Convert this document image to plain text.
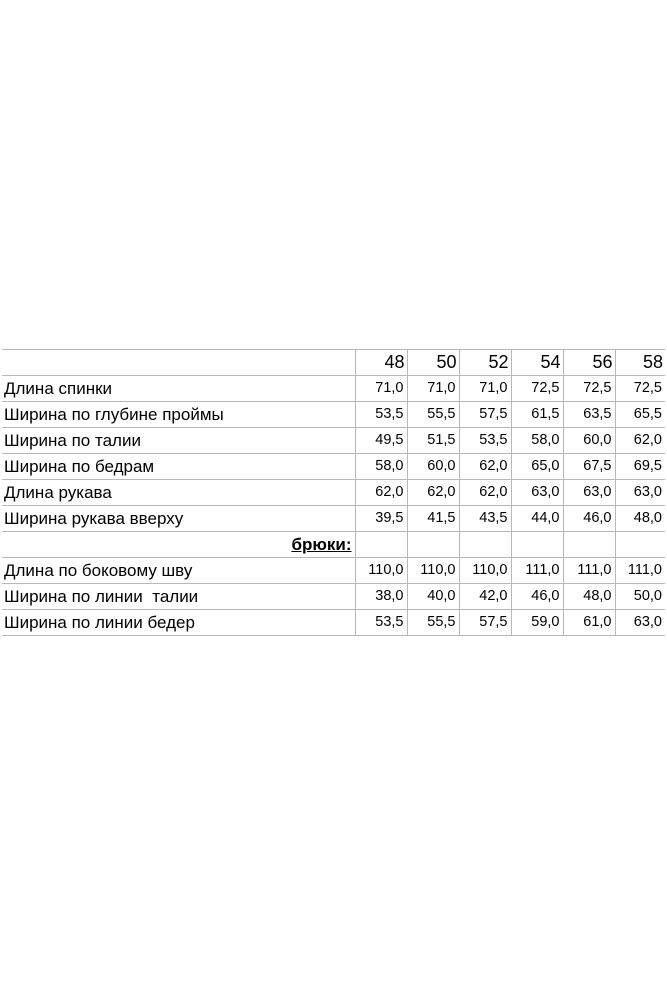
	48	50	52	54	56	58
Длина спинки	71,0	71,0	71,0	72,5	72,5	72,5
Ширина по глубине проймы	53,5	55,5	57,5	61,5	63,5	65,5
Ширина по талии	49,5	51,5	53,5	58,0	60,0	62,0
Ширина по бедрам	58,0	60,0	62,0	65,0	67,5	69,5
Длина рукава	62,0	62,0	62,0	63,0	63,0	63,0
Ширина рукава вверху	39,5	41,5	43,5	44,0	46,0	48,0
брюки:						
Длина по боковому шву	110,0	110,0	110,0	111,0	111,0	111,0
Ширина по линии  талии	38,0	40,0	42,0	46,0	48,0	50,0
Ширина по линии бедер	53,5	55,5	57,5	59,0	61,0	63,0
